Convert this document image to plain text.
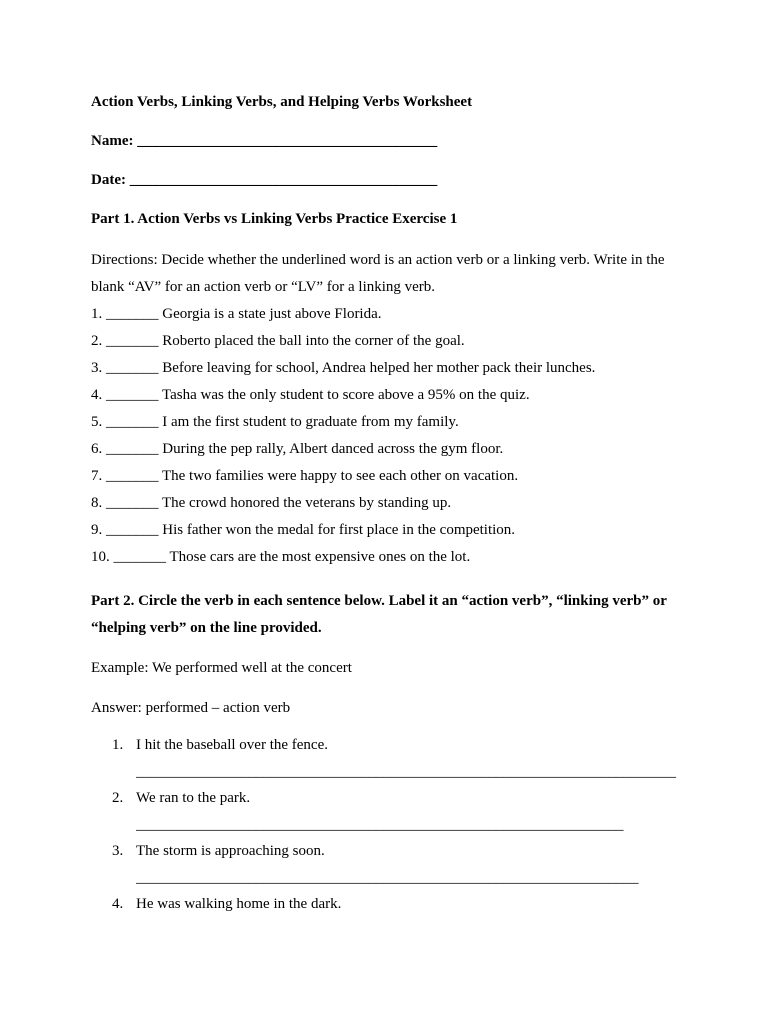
Action Verbs, Linking Verbs, and Helping Verbs Worksheet

Name: ________________________________________

Date: _________________________________________

Part 1. Action Verbs vs Linking Verbs Practice Exercise 1

Directions: Decide whether the underlined word is an action verb or a linking verb. Write in the blank “AV” for an action verb or “LV” for a linking verb.

1. _______ Georgia is a state just above Florida.
2. _______ Roberto placed the ball into the corner of the goal.
3. _______ Before leaving for school, Andrea helped her mother pack their lunches.
4. _______ Tasha was the only student to score above a 95% on the quiz.
5. _______ I am the first student to graduate from my family.
6. _______ During the pep rally, Albert danced across the gym floor.
7. _______ The two families were happy to see each other on vacation.
8. _______ The crowd honored the veterans by standing up.
9. _______ His father won the medal for first place in the competition.
10. _______ Those cars are the most expensive ones on the lot.

Part 2. Circle the verb in each sentence below. Label it an “action verb”, “linking verb” or “helping verb” on the line provided.

Example: We performed well at the concert

Answer: performed – action verb

1. I hit the baseball over the fence.
________________________________________________________________________
2. We ran to the park.
_________________________________________________________________
3. The storm is approaching soon.
___________________________________________________________________
4. He was walking home in the dark.
